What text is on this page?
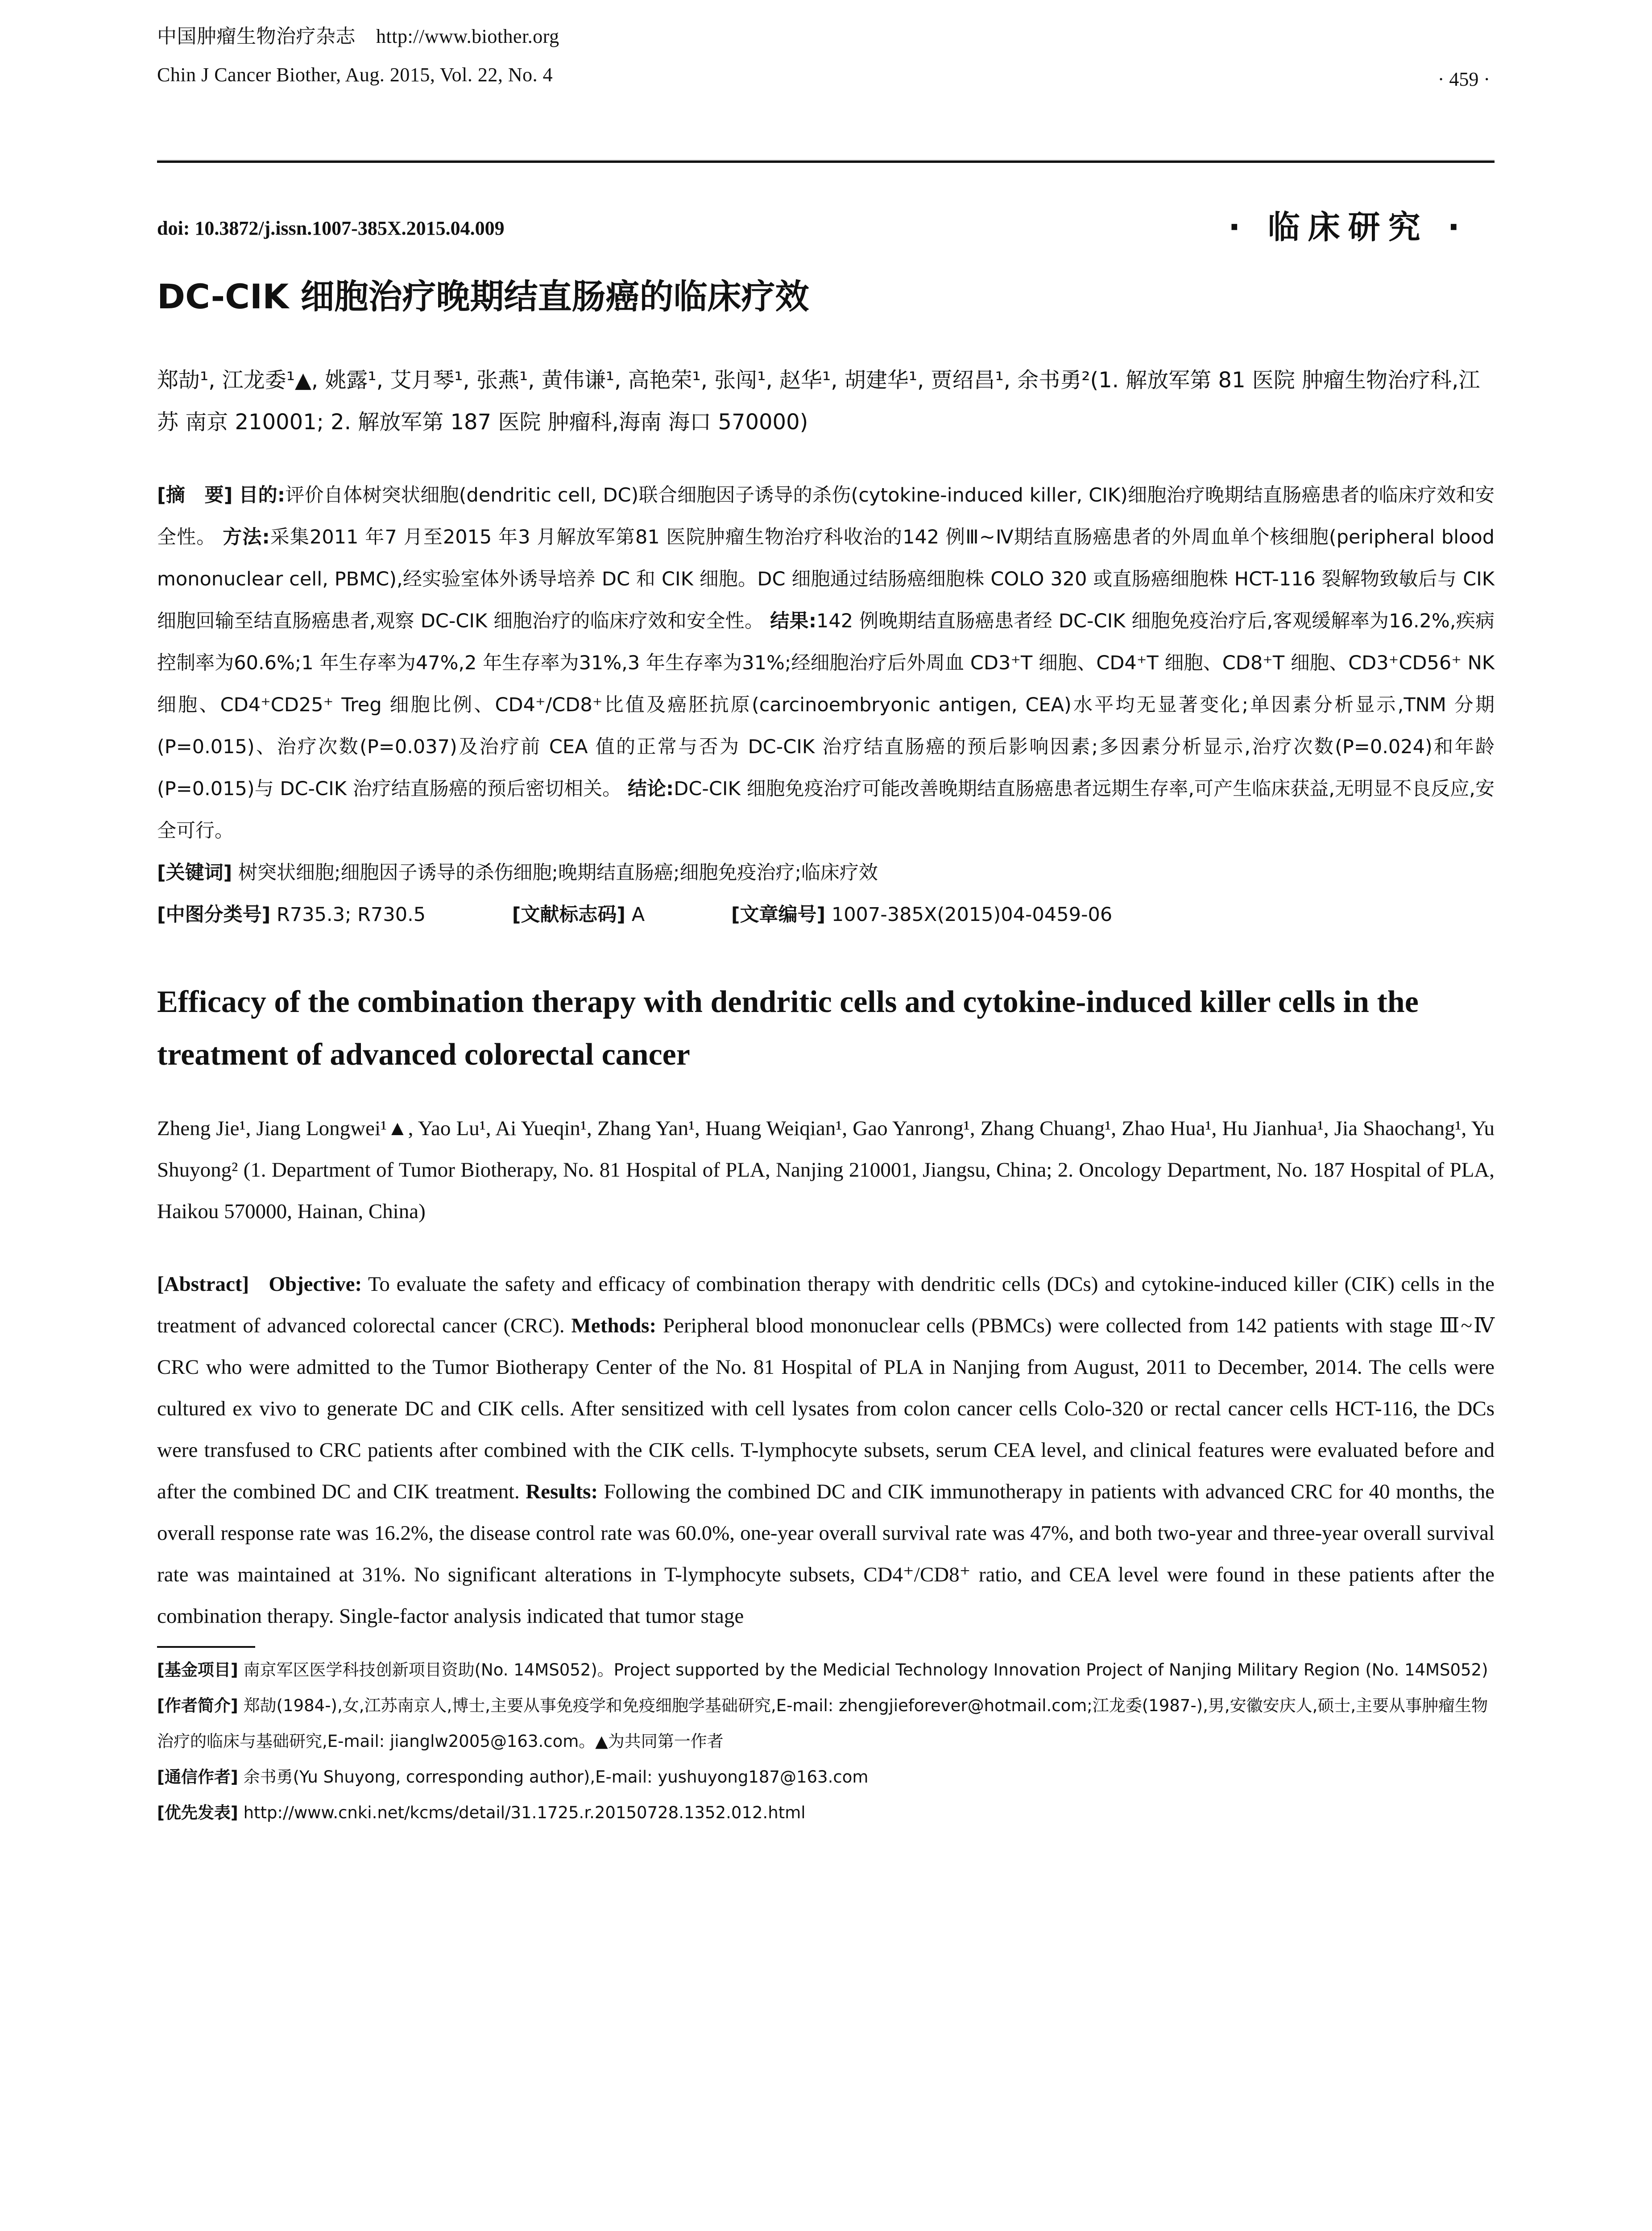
中国肿瘤生物治疗杂志 http://www.biother.org
Chin J Cancer Biother, Aug. 2015, Vol. 22, No. 4	· 459 ·
doi: 10.3872/j.issn.1007-385X.2015.04.009	· 临床研究 ·
DC-CIK 细胞治疗晚期结直肠癌的临床疗效
郑劼¹, 江龙委¹▲, 姚露¹, 艾月琴¹, 张燕¹, 黄伟谦¹, 高艳荣¹, 张闯¹, 赵华¹, 胡建华¹, 贾绍昌¹, 余书勇²(1. 解放军第 81 医院 肿瘤生物治疗科,江苏 南京 210001; 2. 解放军第 187 医院 肿瘤科,海南 海口 570000)

[摘　要] 目的:评价自体树突状细胞(dendritic cell, DC)联合细胞因子诱导的杀伤(cytokine-induced killer, CIK)细胞治疗晚期结直肠癌患者的临床疗效和安全性。 方法:采集2011 年7 月至2015 年3 月解放军第81 医院肿瘤生物治疗科收治的142 例Ⅲ~Ⅳ期结直肠癌患者的外周血单个核细胞(peripheral blood mononuclear cell, PBMC),经实验室体外诱导培养 DC 和 CIK 细胞。DC 细胞通过结肠癌细胞株 COLO 320 或直肠癌细胞株 HCT-116 裂解物致敏后与 CIK 细胞回输至结直肠癌患者,观察 DC-CIK 细胞治疗的临床疗效和安全性。 结果:142 例晚期结直肠癌患者经 DC-CIK 细胞免疫治疗后,客观缓解率为16.2%,疾病控制率为60.6%;1 年生存率为47%,2 年生存率为31%,3 年生存率为31%;经细胞治疗后外周血 CD3⁺T 细胞、CD4⁺T 细胞、CD8⁺T 细胞、CD3⁺CD56⁺ NK 细胞、CD4⁺CD25⁺ Treg 细胞比例、CD4⁺/CD8⁺比值及癌胚抗原(carcinoembryonic antigen, CEA)水平均无显著变化;单因素分析显示,TNM 分期(P=0.015)、治疗次数(P=0.037)及治疗前 CEA 值的正常与否为 DC-CIK 治疗结直肠癌的预后影响因素;多因素分析显示,治疗次数(P=0.024)和年龄(P=0.015)与 DC-CIK 治疗结直肠癌的预后密切相关。 结论:DC-CIK 细胞免疫治疗可能改善晚期结直肠癌患者远期生存率,可产生临床获益,无明显不良反应,安全可行。

[关键词] 树突状细胞;细胞因子诱导的杀伤细胞;晚期结直肠癌;细胞免疫治疗;临床疗效

[中图分类号] R735.3; R730.5	[文献标志码] A	[文章编号] 1007-385X(2015)04-0459-06

Efficacy of the combination therapy with dendritic cells and cytokine-induced killer cells in the treatment of advanced colorectal cancer
Zheng Jie¹, Jiang Longwei¹▲, Yao Lu¹, Ai Yueqin¹, Zhang Yan¹, Huang Weiqian¹, Gao Yanrong¹, Zhang Chuang¹, Zhao Hua¹, Hu Jianhua¹, Jia Shaochang¹, Yu Shuyong² (1. Department of Tumor Biotherapy, No. 81 Hospital of PLA, Nanjing 210001, Jiangsu, China; 2. Oncology Department, No. 187 Hospital of PLA, Haikou 570000, Hainan, China)
[Abstract] Objective: To evaluate the safety and efficacy of combination therapy with dendritic cells (DCs) and cytokine-induced killer (CIK) cells in the treatment of advanced colorectal cancer (CRC). Methods: Peripheral blood mononuclear cells (PBMCs) were collected from 142 patients with stage Ⅲ~Ⅳ CRC who were admitted to the Tumor Biotherapy Center of the No. 81 Hospital of PLA in Nanjing from August, 2011 to December, 2014. The cells were cultured ex vivo to generate DC and CIK cells. After sensitized with cell lysates from colon cancer cells Colo-320 or rectal cancer cells HCT-116, the DCs were transfused to CRC patients after combined with the CIK cells. T-lymphocyte subsets, serum CEA level, and clinical features were evaluated before and after the combined DC and CIK treatment. Results: Following the combined DC and CIK immunotherapy in patients with advanced CRC for 40 months, the overall response rate was 16.2%, the disease control rate was 60.0%, one-year overall survival rate was 47%, and both two-year and three-year overall survival rate was maintained at 31%. No significant alterations in T-lymphocyte subsets, CD4⁺/CD8⁺ ratio, and CEA level were found in these patients after the combination therapy. Single-factor analysis indicated that tumor stage

[基金项目] 南京军区医学科技创新项目资助(No. 14MS052)。Project supported by the Medicial Technology Innovation Project of Nanjing Military Region (No. 14MS052)

[作者简介] 郑劼(1984-),女,江苏南京人,博士,主要从事免疫学和免疫细胞学基础研究,E-mail: zhengjieforever@hotmail.com;江龙委(1987-),男,安徽安庆人,硕士,主要从事肿瘤生物治疗的临床与基础研究,E-mail: jianglw2005@163.com。▲为共同第一作者

[通信作者] 余书勇(Yu Shuyong, corresponding author),E-mail: yushuyong187@163.com

[优先发表] http://www.cnki.net/kcms/detail/31.1725.r.20150728.1352.012.html
